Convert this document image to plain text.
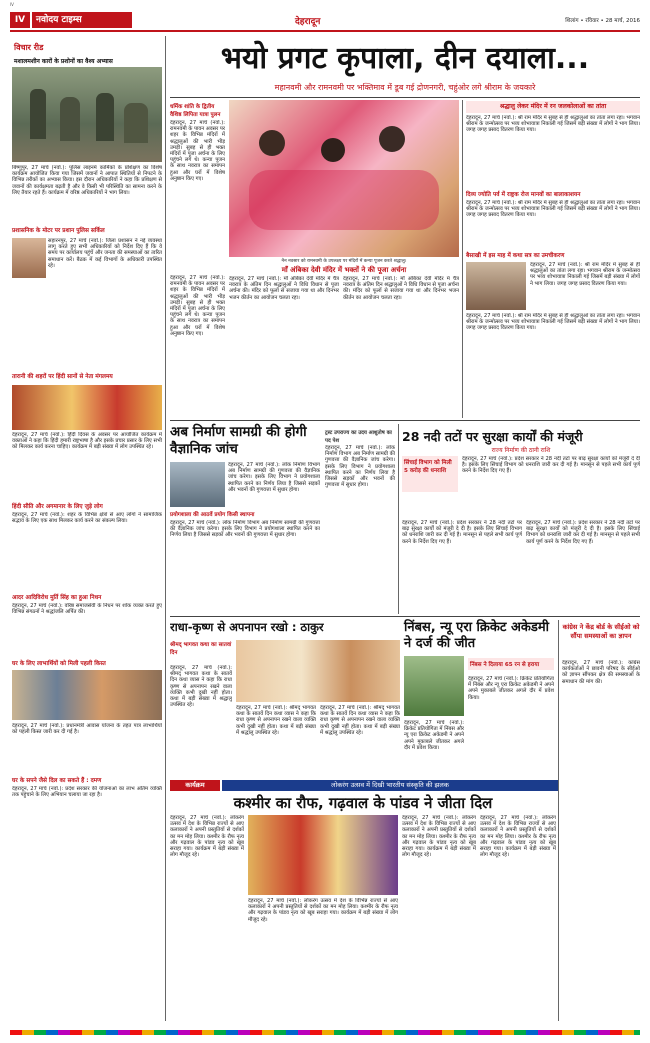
IV
IV	नवोदय टाइम्स	देहरादून	शिलांग • रविवार • 28 मार्च, 2016
विचार रीड
मशालमशीन कारों के प्रशोनों का वैश्य अभ्यास
बिष्णुपुर, 27 मार्च (नवो.): पुलिस लाइनमें कार्मिकों के प्रशिक्षण का विशेष कार्यक्रम आयोजित किया गया जिसमें जवानों ने आपात स्थितियों से निपटने के विभिन्न तरीकों का अभ्यास किया। इस दौरान अधिकारियों ने कहा कि प्रशिक्षण से जवानों की कार्यक्षमता बढ़ती है और वे किसी भी परिस्थिति का सामना करने के लिए तैयार रहते हैं। कार्यक्रम में वरिष्ठ अधिकारियों ने भाग लिया।
प्रशासनिक के मोटर पर प्रशान पुलिस सर्किल
सहारनपुर, 27 मार्च (नवो.): जिला प्रशासन ने नई व्यवस्था लागू करते हुए सभी अधिकारियों को निर्देश दिए हैं कि वे समय पर कार्यालय पहुंचें और जनता की समस्याओं का त्वरित समाधान करें। बैठक में कई विभागों के अधिकारी उपस्थित रहे।
तारानी की शहरों पर हिंदी सानों से नेता मंगलमय
देहरादून, 27 मार्च (नवो.): हिंदी दिवस के अवसर पर आयोजित कार्यक्रम में वक्ताओं ने कहा कि हिंदी हमारी राष्ट्रभाषा है और इसके प्रचार प्रसार के लिए सभी को मिलकर कार्य करना चाहिए। कार्यक्रम में बड़ी संख्या में लोग उपस्थित रहे।
हिंदी सीति और अगमानार के लिए जुड़े लोग
देहरादून, 27 मार्च (नवो.): शहर के विभिन्न क्षेत्रों से आए लोगों ने सामाजिक सद्भाव के लिए एक साथ मिलकर कार्य करने का संकल्प लिया।
आदर आदिविरोध मुर्ति सिंह का हुआ निधन
देहरादून, 27 मार्च (नवो.): वरिष्ठ समाजसेवी के निधन पर शोक व्यक्त करते हुए विभिन्न संगठनों ने श्रद्धांजलि अर्पित की।
घर के लिए लाभार्थियों को मिली पहली किस्त
देहरादून, 27 मार्च (नवो.): प्रधानमंत्री आवास योजना के तहत पात्र लाभार्थियों को पहली किस्त जारी कर दी गई है।
घर के सपने जैसे दिल का सकते हैं : दमण
देहरादून, 27 मार्च (नवो.): प्रदेश सरकार की योजनाओं का लाभ अंतिम व्यक्ति तक पहुंचाने के लिए अभियान चलाया जा रहा है।
भयो प्रगट कृपाला, दीन दयाला...
महानवमी और रामनवमी पर भक्तिमाव में डूब गई द्रोणनगरी, चहुंओर लगे श्रीराम के जयकारे
धर्मिक शांति के द्वितीय वैशिष्ठ लिपिता यात्रा पुलन
देहरादून, 27 मार्च (नवो.): रामनवमी के पावन अवसर पर शहर के विभिन्न मंदिरों में श्रद्धालुओं की भारी भीड़ उमड़ी। सुबह से ही भक्त मंदिरों में पूजा अर्चना के लिए पहुंचने लगे थे। कन्या पूजन के साथ नवरात्र का समापन हुआ और घरों में विशेष अनुष्ठान किए गए।
देहरादून, 27 मार्च (नवो.): रामनवमी के पावन अवसर पर शहर के विभिन्न मंदिरों में श्रद्धालुओं की भारी भीड़ उमड़ी। सुबह से ही भक्त मंदिरों में पूजा अर्चना के लिए पहुंचने लगे थे। कन्या पूजन के साथ नवरात्र का समापन हुआ और घरों में विशेष अनुष्ठान किए गए।
नैन नवसार को रामनवमी के उपलक्ष्य पर मंदिरों में कन्या पूजन करते श्रद्धालु।
माँ अंबिका देवी मंदिर में भक्तों ने की पूजा अर्चना
देहरादून, 27 मार्च (नवो.): माँ अंबिका देवी मंदिर में चैत्र नवरात्र के अंतिम दिन श्रद्धालुओं ने विधि विधान से पूजा अर्चना की। मंदिर को फूलों से सजाया गया था और दिनभर भजन कीर्तन का आयोजन चलता रहा।
देहरादून, 27 मार्च (नवो.): माँ अंबिका देवी मंदिर में चैत्र नवरात्र के अंतिम दिन श्रद्धालुओं ने विधि विधान से पूजा अर्चना की। मंदिर को फूलों से सजाया गया था और दिनभर भजन कीर्तन का आयोजन चलता रहा।
श्रद्धालु लेकर मंदिर में रन जलकोलाओं का तांता
देहरादून, 27 मार्च (नवो.): श्री राम मंदिर में सुबह से ही श्रद्धालुओं का तांता लगा रहा। भगवान श्रीराम के जन्मोत्सव पर भव्य शोभायात्रा निकाली गई जिसमें बड़ी संख्या में लोगों ने भाग लिया। जगह जगह प्रसाद वितरण किया गया।
दिव्य ज्योति पर्व में राष्ट्रक रोज मानवों का बालाकाशयन
देहरादून, 27 मार्च (नवो.): श्री राम मंदिर में सुबह से ही श्रद्धालुओं का तांता लगा रहा। भगवान श्रीराम के जन्मोत्सव पर भव्य शोभायात्रा निकाली गई जिसमें बड़ी संख्या में लोगों ने भाग लिया। जगह जगह प्रसाद वितरण किया गया।
बैसाखी में इस माह में कथा सत्र का उमचीकरण
देहरादून, 27 मार्च (नवो.): श्री राम मंदिर में सुबह से ही श्रद्धालुओं का तांता लगा रहा। भगवान श्रीराम के जन्मोत्सव पर भव्य शोभायात्रा निकाली गई जिसमें बड़ी संख्या में लोगों ने भाग लिया। जगह जगह प्रसाद वितरण किया गया।
देहरादून, 27 मार्च (नवो.): श्री राम मंदिर में सुबह से ही श्रद्धालुओं का तांता लगा रहा। भगवान श्रीराम के जन्मोत्सव पर भव्य शोभायात्रा निकाली गई जिसमें बड़ी संख्या में लोगों ने भाग लिया। जगह जगह प्रसाद वितरण किया गया।
अब निर्माण सामग्री की होगी वैज्ञानिक जांच
देहरादून, 27 मार्च (नवो.): लोक निर्माण विभाग अब निर्माण सामग्री की गुणवत्ता की वैज्ञानिक जांच करेगा। इसके लिए विभाग ने प्रयोगशाला स्थापित करने का निर्णय लिया है जिससे सड़कों और भवनों की गुणवत्ता में सुधार होगा।
प्रयोगशाला की आठवें प्रयोग किसी स्थापना
देहरादून, 27 मार्च (नवो.): लोक निर्माण विभाग अब निर्माण सामग्री की गुणवत्ता की वैज्ञानिक जांच करेगा। इसके लिए विभाग ने प्रयोगशाला स्थापित करने का निर्णय लिया है जिससे सड़कों और भवनों की गुणवत्ता में सुधार होगा।
ट्रस्ट उपराज्य का उदय आशुतोष का पद पेश
देहरादून, 27 मार्च (नवो.): लोक निर्माण विभाग अब निर्माण सामग्री की गुणवत्ता की वैज्ञानिक जांच करेगा। इसके लिए विभाग ने प्रयोगशाला स्थापित करने का निर्णय लिया है जिससे सड़कों और भवनों की गुणवत्ता में सुधार होगा।
28 नदी तटों पर सुरक्षा कार्यों की मंजूरी
राज्य निर्माण की ठानी राशि
सिंचाई विभाग को मिली 5 करोड़ की धनराशि
देहरादून, 27 मार्च (नवो.): प्रदेश सरकार ने 28 नदी तटों पर बाढ़ सुरक्षा कार्यों को मंजूरी दे दी है। इसके लिए सिंचाई विभाग को धनराशि जारी कर दी गई है। मानसून से पहले सभी कार्य पूर्ण करने के निर्देश दिए गए हैं।
देहरादून, 27 मार्च (नवो.): प्रदेश सरकार ने 28 नदी तटों पर बाढ़ सुरक्षा कार्यों को मंजूरी दे दी है। इसके लिए सिंचाई विभाग को धनराशि जारी कर दी गई है। मानसून से पहले सभी कार्य पूर्ण करने के निर्देश दिए गए हैं।
देहरादून, 27 मार्च (नवो.): प्रदेश सरकार ने 28 नदी तटों पर बाढ़ सुरक्षा कार्यों को मंजूरी दे दी है। इसके लिए सिंचाई विभाग को धनराशि जारी कर दी गई है। मानसून से पहले सभी कार्य पूर्ण करने के निर्देश दिए गए हैं।
राधा-कृष्ण से अपनापन रखो : ठाकुर
श्रीमद् भागवत कथा का सातवां दिन
देहरादून, 27 मार्च (नवो.): श्रीमद् भागवत कथा के सातवें दिन कथा व्यास ने कहा कि राधा कृष्ण से अपनापन रखने वाला व्यक्ति कभी दुखी नहीं होता। कथा में बड़ी संख्या में श्रद्धालु उपस्थित रहे।	देहरादून, 27 मार्च (नवो.): श्रीमद् भागवत कथा के सातवें दिन कथा व्यास ने कहा कि राधा कृष्ण से अपनापन रखने वाला व्यक्ति कभी दुखी नहीं होता। कथा में बड़ी संख्या में श्रद्धालु उपस्थित रहे।
देहरादून, 27 मार्च (नवो.): श्रीमद् भागवत कथा के सातवें दिन कथा व्यास ने कहा कि राधा कृष्ण से अपनापन रखने वाला व्यक्ति कभी दुखी नहीं होता। कथा में बड़ी संख्या में श्रद्धालु उपस्थित रहे।
निंबस, न्यू एरा क्रिकेट अकेडमी ने दर्ज की जीत
निंबस ने दिलाया 65 रन से हराया
देहरादून, 27 मार्च (नवो.): क्रिकेट प्रतियोगिता में निंबस और न्यू एरा क्रिकेट अकेडमी ने अपने अपने मुकाबले जीतकर अगले दौर में प्रवेश किया।
देहरादून, 27 मार्च (नवो.): क्रिकेट प्रतियोगिता में निंबस और न्यू एरा क्रिकेट अकेडमी ने अपने अपने मुकाबले जीतकर अगले दौर में प्रवेश किया।
कांग्रेस ने केंद्र बोर्ड के सीईओ को सौंपा समस्याओं का ज्ञापन
देहरादून, 27 मार्च (नवो.): कांग्रेस कार्यकर्ताओं ने छावनी परिषद के सीईओ को ज्ञापन सौंपकर क्षेत्र की समस्याओं के समाधान की मांग की।
कार्यक्रम	लोकरंग उत्सव में दिखी भारतीय संस्कृति की झलक
कश्मीर का रौफ, गढ़वाल के पांडव ने जीता दिल
देहरादून, 27 मार्च (नवो.): लोकरंग उत्सव में देश के विभिन्न राज्यों से आए कलाकारों ने अपनी प्रस्तुतियों से दर्शकों का मन मोह लिया। कश्मीर के रौफ नृत्य और गढ़वाल के पांडव नृत्य को खूब सराहा गया। कार्यक्रम में बड़ी संख्या में लोग मौजूद रहे।
देहरादून, 27 मार्च (नवो.): लोकरंग उत्सव में देश के विभिन्न राज्यों से आए कलाकारों ने अपनी प्रस्तुतियों से दर्शकों का मन मोह लिया। कश्मीर के रौफ नृत्य और गढ़वाल के पांडव नृत्य को खूब सराहा गया। कार्यक्रम में बड़ी संख्या में लोग मौजूद रहे।
देहरादून, 27 मार्च (नवो.): लोकरंग उत्सव में देश के विभिन्न राज्यों से आए कलाकारों ने अपनी प्रस्तुतियों से दर्शकों का मन मोह लिया। कश्मीर के रौफ नृत्य और गढ़वाल के पांडव नृत्य को खूब सराहा गया। कार्यक्रम में बड़ी संख्या में लोग मौजूद रहे।
देहरादून, 27 मार्च (नवो.): लोकरंग उत्सव में देश के विभिन्न राज्यों से आए कलाकारों ने अपनी प्रस्तुतियों से दर्शकों का मन मोह लिया। कश्मीर के रौफ नृत्य और गढ़वाल के पांडव नृत्य को खूब सराहा गया। कार्यक्रम में बड़ी संख्या में लोग मौजूद रहे।
